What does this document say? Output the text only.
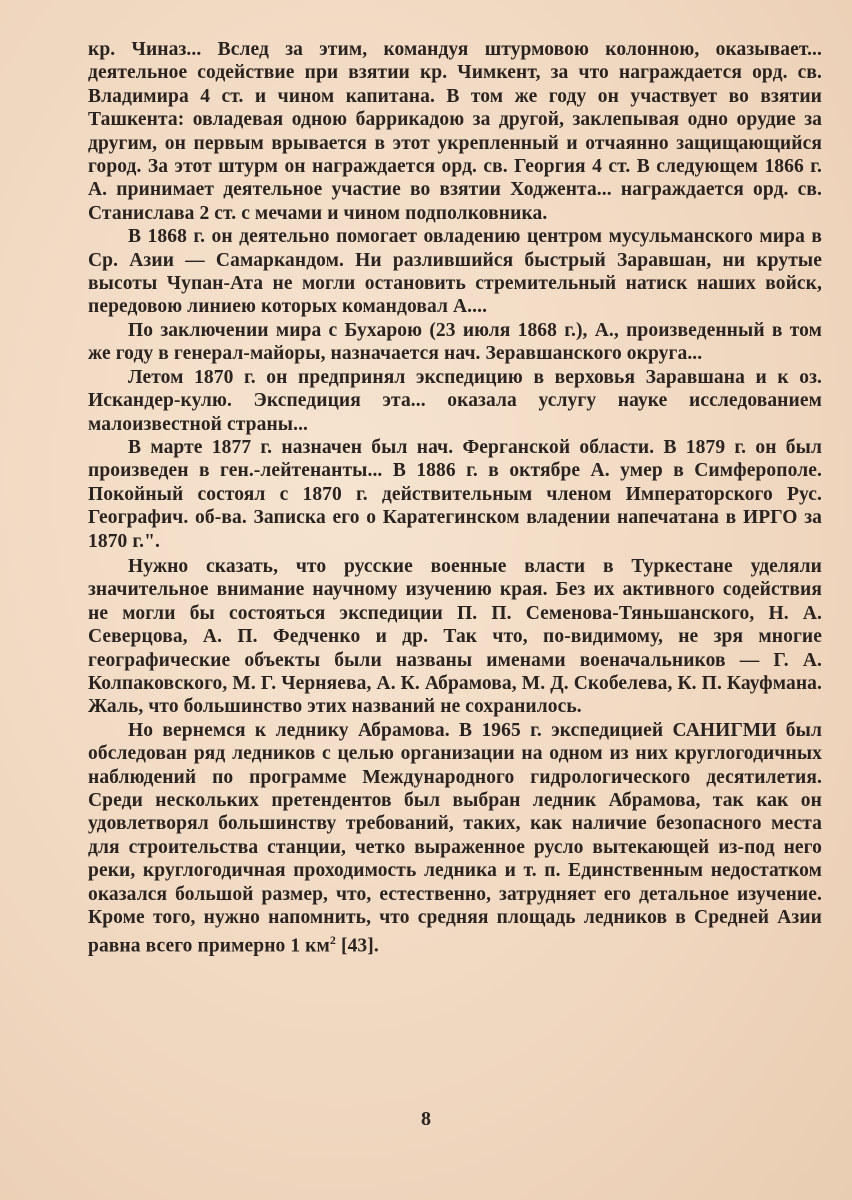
кр. Чиназ... Вслед за этим, командуя штурмовою колонною, оказывает... деятельное содействие при взятии кр. Чимкент, за что награждается орд. св. Владимира 4 ст. и чином капитана. В том же году он участвует во взятии Ташкента: овладевая одною баррикадою за другой, заклепывая одно орудие за другим, он первым врывается в этот укрепленный и отчаянно защищающийся город. За этот штурм он награждается орд. св. Георгия 4 ст. В следующем 1866 г. А. принимает деятельное участие во взятии Ходжента... награждается орд. св. Станислава 2 ст. с мечами и чином подполковника.

В 1868 г. он деятельно помогает овладению центром мусульманского мира в Ср. Азии — Самаркандом. Ни разлившийся быстрый Заравшан, ни крутые высоты Чупан-Ата не могли остановить стремительный натиск наших войск, передовою линиею которых командовал А....

По заключении мира с Бухарою (23 июля 1868 г.), А., произведенный в том же году в генерал-майоры, назначается нач. Зеравшанского округа...

Летом 1870 г. он предпринял экспедицию в верховья Заравшана и к оз. Искандер-кулю. Экспедиция эта... оказала услугу науке исследованием малоизвестной страны...

В марте 1877 г. назначен был нач. Ферганской области. В 1879 г. он был произведен в ген.-лейтенанты... В 1886 г. в октябре А. умер в Симферополе. Покойный состоял с 1870 г. действительным членом Императорского Рус. Географич. об-ва. Записка его о Каратегинском владении напечатана в ИРГО за 1870 г.".

Нужно сказать, что русские военные власти в Туркестане уделяли значительное внимание научному изучению края. Без их активного содействия не могли бы состояться экспедиции П. П. Семенова-Тяньшанского, Н. А. Северцова, А. П. Федченко и др. Так что, по-видимому, не зря многие географические объекты были названы именами военачальников — Г. А. Колпаковского, М. Г. Черняева, А. К. Абрамова, М. Д. Скобелева, К. П. Кауфмана. Жаль, что большинство этих названий не сохранилось.

Но вернемся к леднику Абрамова. В 1965 г. экспедицией САНИГМИ был обследован ряд ледников с целью организации на одном из них круглогодичных наблюдений по программе Международного гидрологического десятилетия. Среди нескольких претендентов был выбран ледник Абрамова, так как он удовлетворял большинству требований, таких, как наличие безопасного места для строительства станции, четко выраженное русло вытекающей из-под него реки, круглогодичная проходимость ледника и т. п. Единственным недостатком оказался большой размер, что, естественно, затрудняет его детальное изучение. Кроме того, нужно напомнить, что средняя площадь ледников в Средней Азии равна всего примерно 1 $км^2$ [43].

8
